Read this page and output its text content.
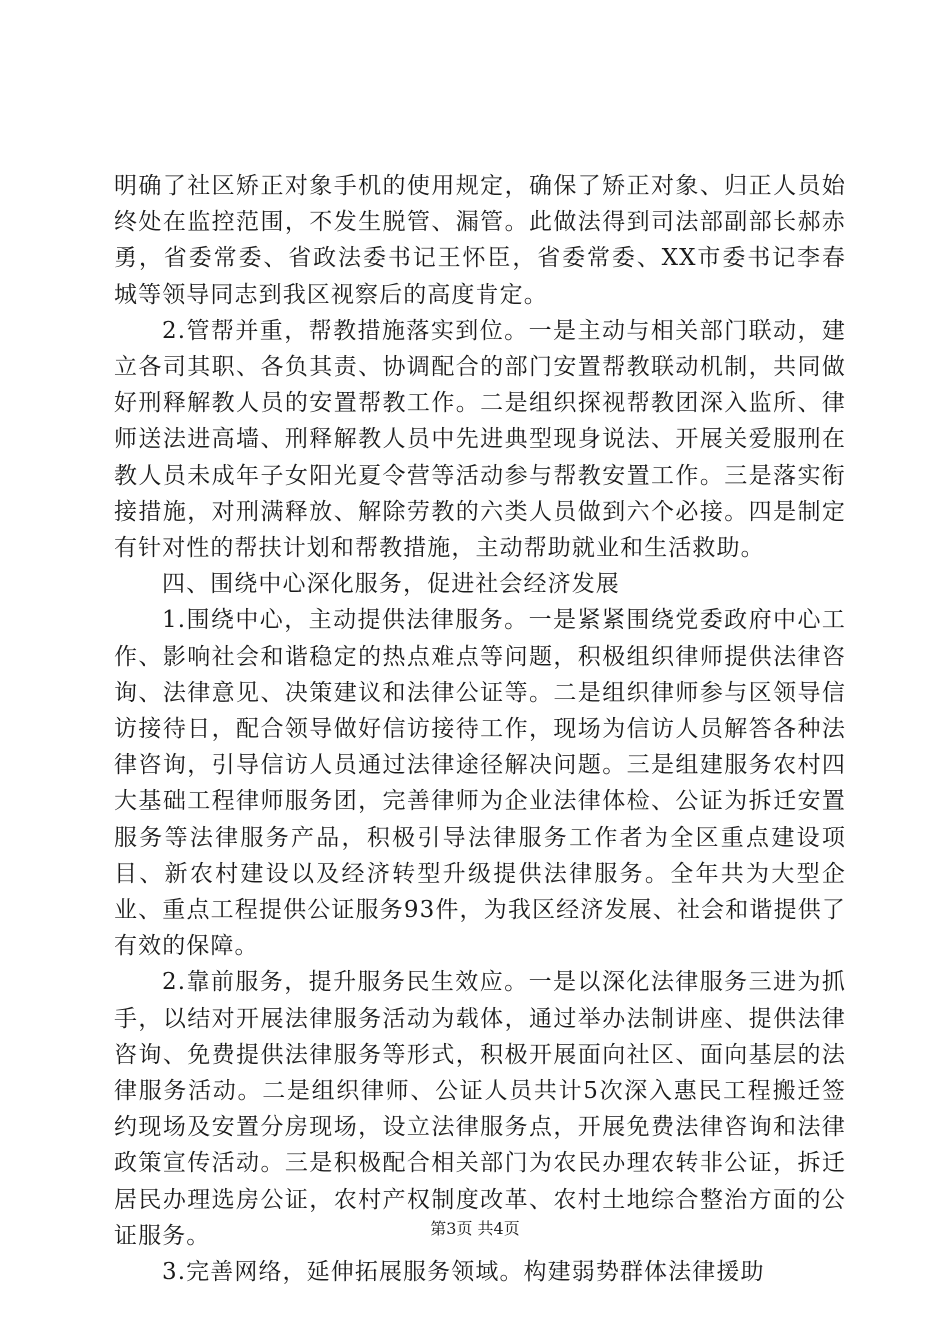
明确了社区矫正对象手机的使用规定，确保了矫正对象、归正人员始终处在监控范围，不发生脱管、漏管。此做法得到司法部副部长郝赤勇，省委常委、省政法委书记王怀臣，省委常委、XX市委书记李春城等领导同志到我区视察后的高度肯定。

2.管帮并重，帮教措施落实到位。一是主动与相关部门联动，建立各司其职、各负其责、协调配合的部门安置帮教联动机制，共同做好刑释解教人员的安置帮教工作。二是组织探视帮教团深入监所、律师送法进高墙、刑释解教人员中先进典型现身说法、开展关爱服刑在教人员未成年子女阳光夏令营等活动参与帮教安置工作。三是落实衔接措施，对刑满释放、解除劳教的六类人员做到六个必接。四是制定有针对性的帮扶计划和帮教措施，主动帮助就业和生活救助。

四、围绕中心深化服务，促进社会经济发展

1.围绕中心，主动提供法律服务。一是紧紧围绕党委政府中心工作、影响社会和谐稳定的热点难点等问题，积极组织律师提供法律咨询、法律意见、决策建议和法律公证等。二是组织律师参与区领导信访接待日，配合领导做好信访接待工作，现场为信访人员解答各种法律咨询，引导信访人员通过法律途径解决问题。三是组建服务农村四大基础工程律师服务团，完善律师为企业法律体检、公证为拆迁安置服务等法律服务产品，积极引导法律服务工作者为全区重点建设项目、新农村建设以及经济转型升级提供法律服务。全年共为大型企业、重点工程提供公证服务93件，为我区经济发展、社会和谐提供了有效的保障。

2.靠前服务，提升服务民生效应。一是以深化法律服务三进为抓手，以结对开展法律服务活动为载体，通过举办法制讲座、提供法律咨询、免费提供法律服务等形式，积极开展面向社区、面向基层的法律服务活动。二是组织律师、公证人员共计5次深入惠民工程搬迁签约现场及安置分房现场，设立法律服务点，开展免费法律咨询和法律政策宣传活动。三是积极配合相关部门为农民办理农转非公证，拆迁居民办理选房公证，农村产权制度改革、农村土地综合整治方面的公证服务。

3.完善网络，延伸拓展服务领域。构建弱势群体法律援助

第3页 共4页
